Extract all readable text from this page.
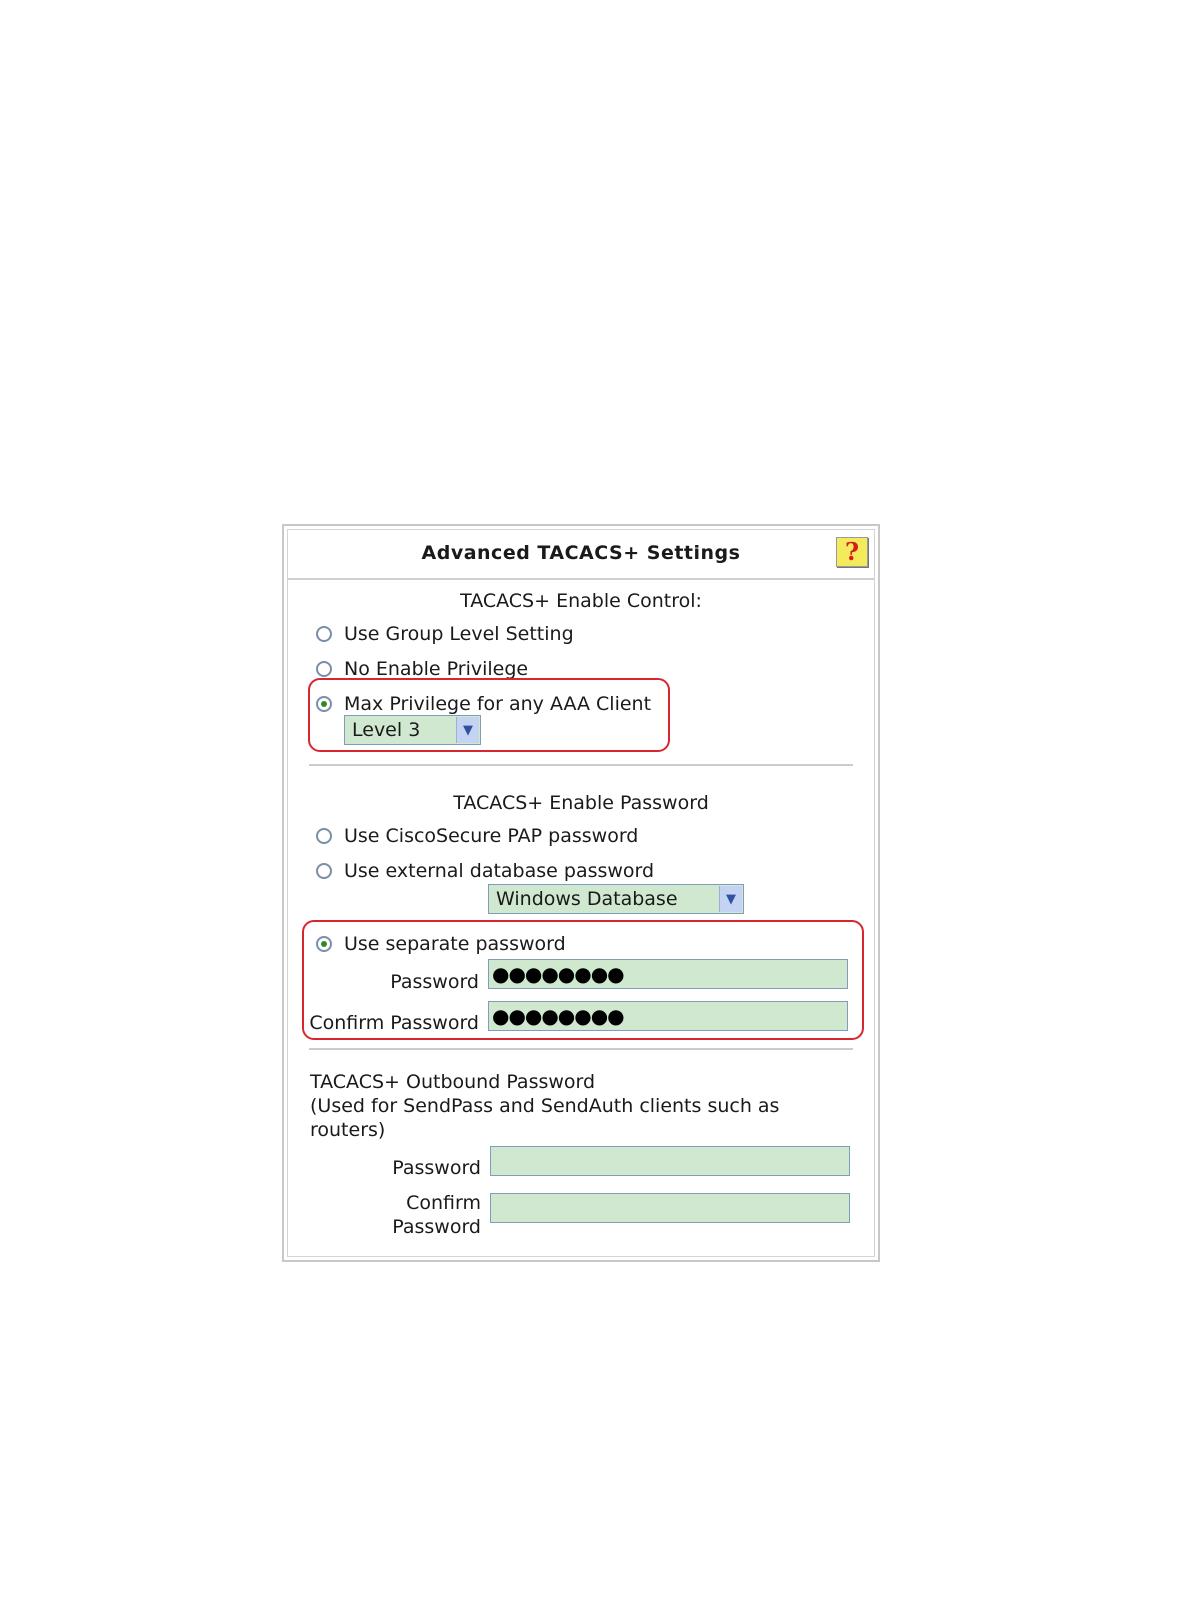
Advanced TACACS+ Settings	?
TACACS+ Enable Control:
Use Group Level Setting
No Enable Privilege
Max Privilege for any AAA Client
Level 3	▼
TACACS+ Enable Password
Use CiscoSecure PAP password
Use external database password
Windows Database	▼
Use separate password
Password ●●●●●●●●
Confirm Password ●●●●●●●●
TACACS+ Outbound Password
(Used for SendPass and SendAuth clients such as
routers)
Password
Confirm
Password
